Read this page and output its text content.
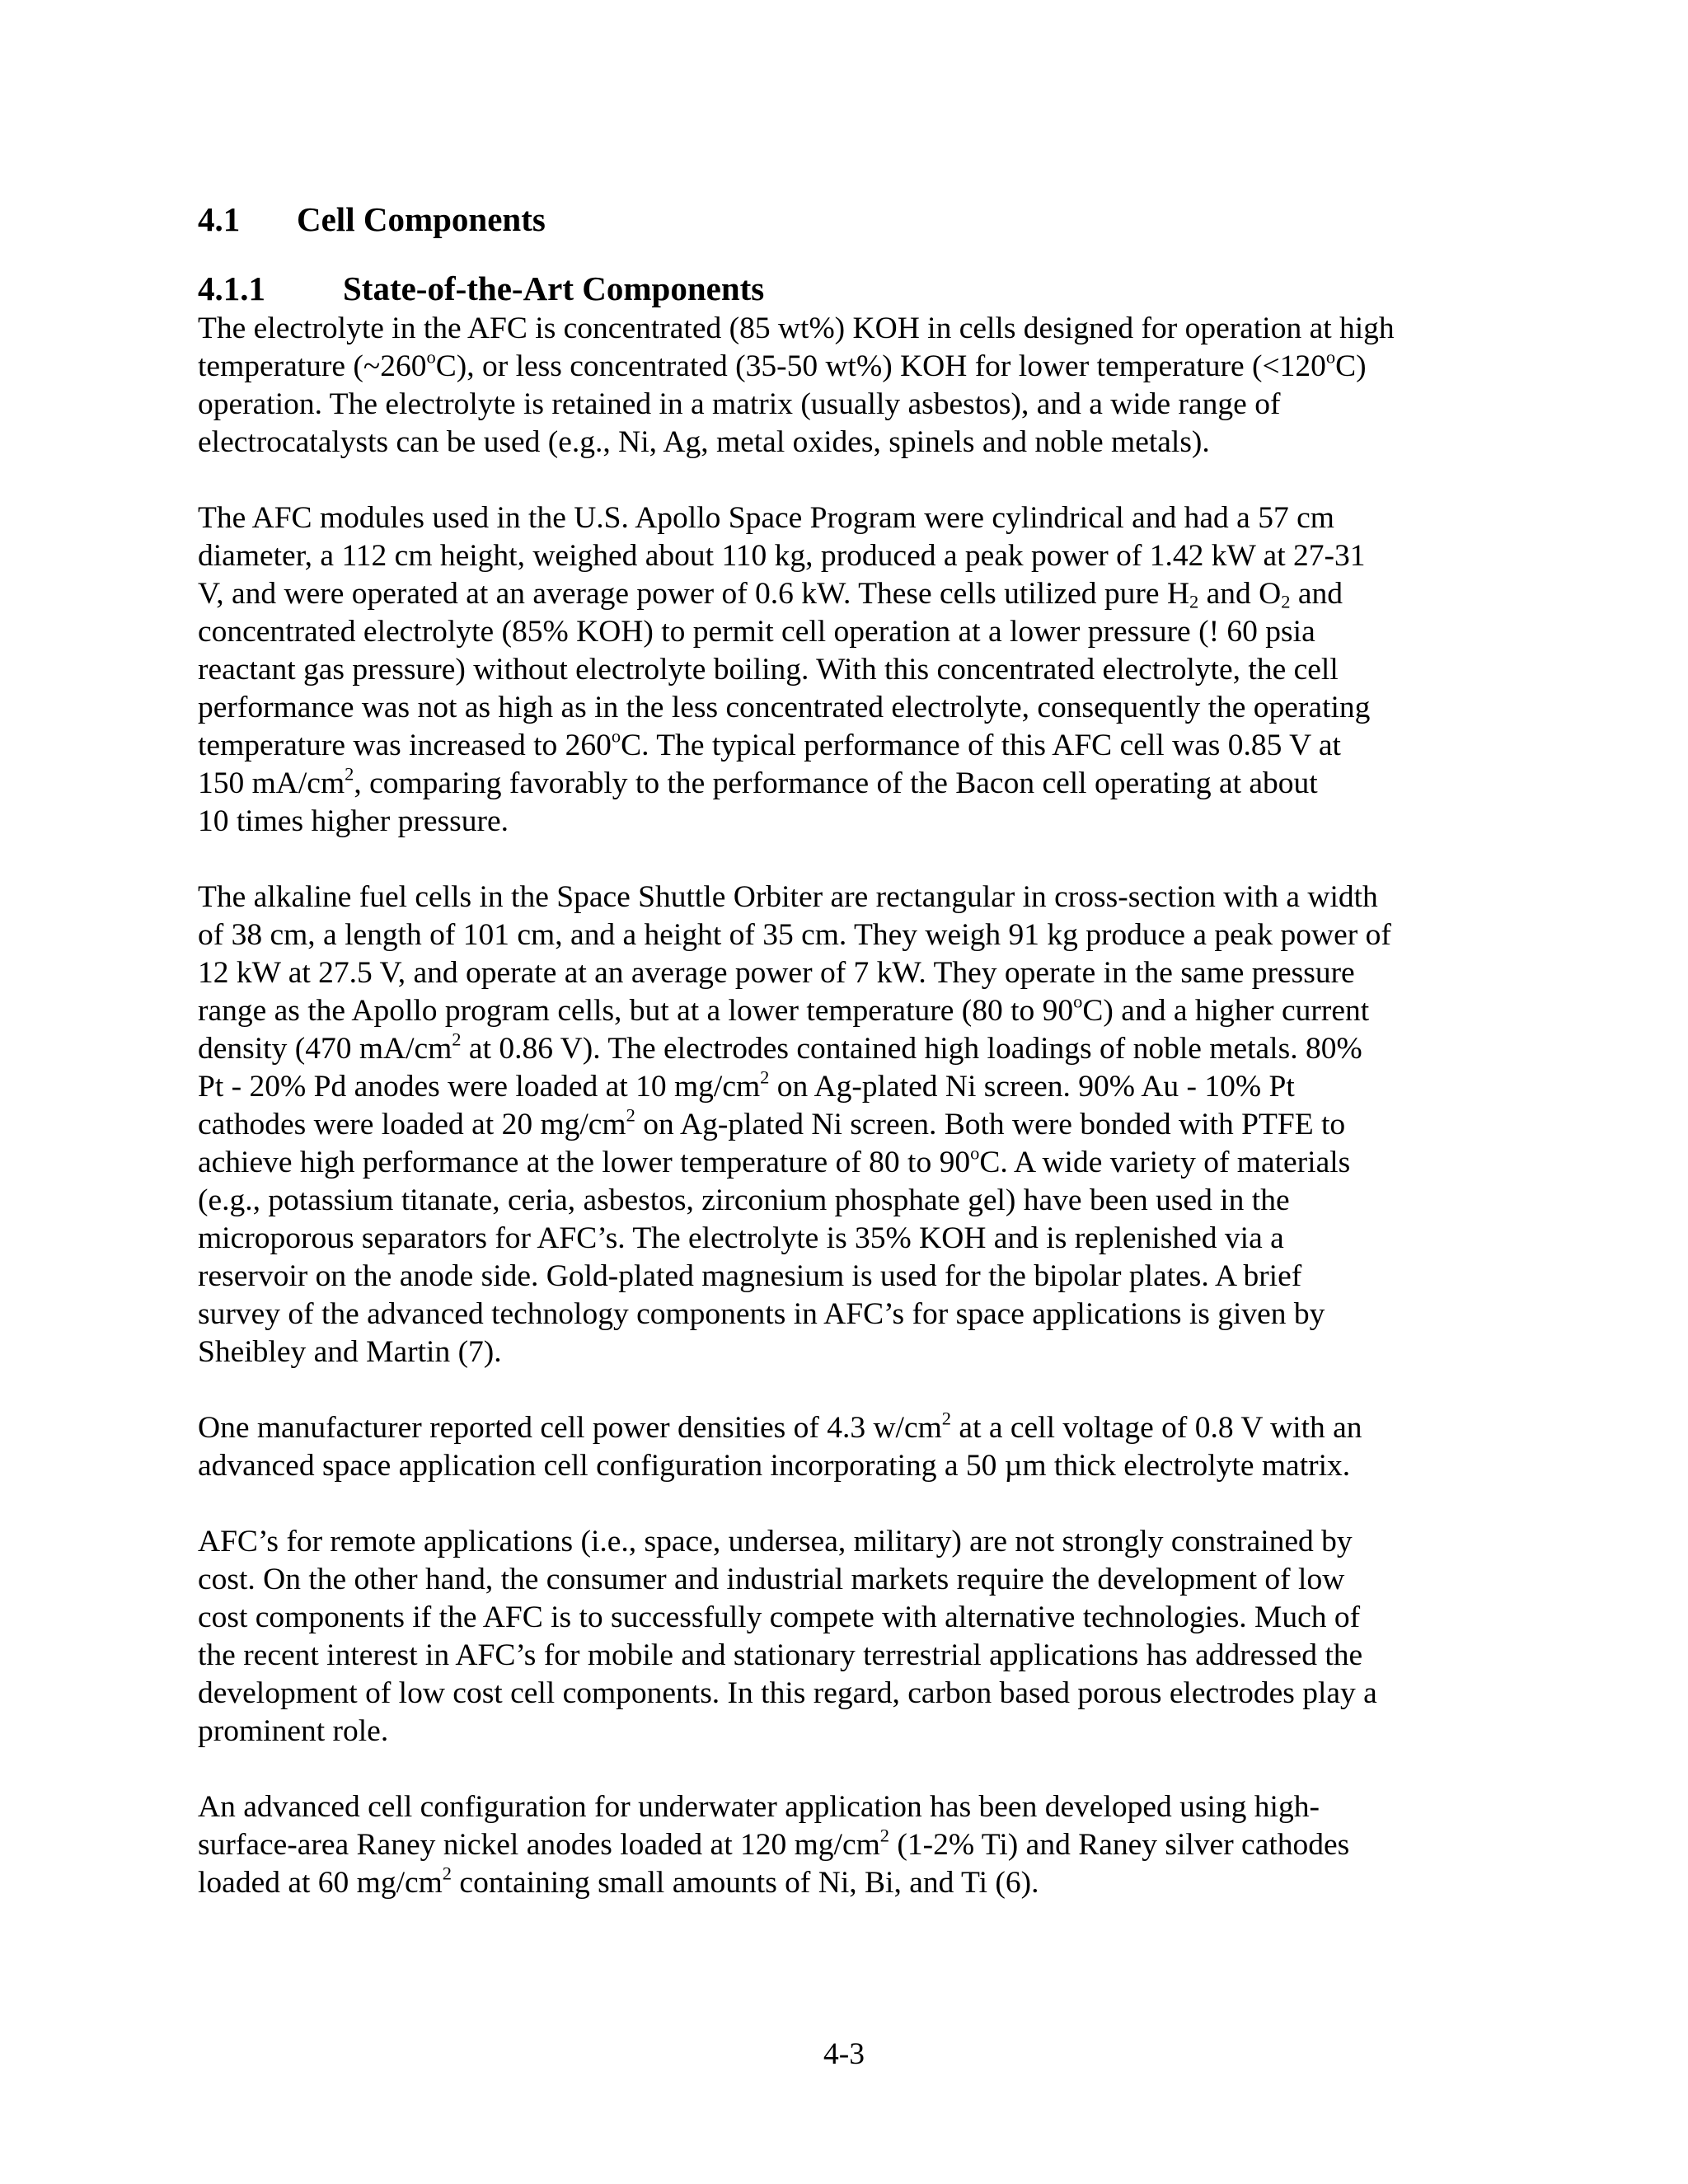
4.1 Cell Components
4.1.1 State-of-the-Art Components
The electrolyte in the AFC is concentrated (85 wt%) KOH in cells designed for operation at high
temperature (~260$^o$C), or less concentrated (35-50 wt%) KOH for lower temperature $(<120^oC)$
operation. The electrolyte is retained in a matrix (usually asbestos), and a wide range of
electrocatalysts can be used (e.g., Ni, Ag, metal oxides, spinels and noble metals).
The AFC modules used in the U.S. Apollo Space Program were cylindrical and had a 57 cm
diameter, a 112 cm height, weighed about 110 kg, produced a peak power of 1.42 kW at 27-31
V, and were operated at an average power of 0.6 kW. These cells utilized pure $H_2$ and $O_2$ and
concentrated electrolyte (85% KOH) to permit cell operation at a lower pressure (! 60 psia
reactant gas pressure) without electrolyte boiling. With this concentrated electrolyte, the cell
performance was not as high as in the less concentrated electrolyte, consequently the operating
temperature was increased to 260$^o$C. The typical performance of this AFC cell was 0.85 V at
150 $mA/cm^2$, comparing favorably to the performance of the Bacon cell operating at about
10 times higher pressure.
The alkaline fuel cells in the Space Shuttle Orbiter are rectangular in cross-section with a width
of 38 cm, a length of 101 cm, and a height of 35 cm. They weigh 91 kg produce a peak power of
12 kW at 27.5 V, and operate at an average power of 7 kW. They operate in the same pressure
range as the Apollo program cells, but at a lower temperature (80 to 90$^o$C) and a higher current
density (470 $mA/cm^2$ at 0.86 V). The electrodes contained high loadings of noble metals. 80%
Pt - 20% Pd anodes were loaded at 10 $mg/cm^2$ on Ag-plated Ni screen. 90% Au - 10% Pt
cathodes were loaded at 20 $mg/cm^2$ on Ag-plated Ni screen. Both were bonded with PTFE to
achieve high performance at the lower temperature of 80 to 90$^o$C. A wide variety of materials
(e.g., potassium titanate, ceria, asbestos, zirconium phosphate gel) have been used in the
microporous separators for AFC’s. The electrolyte is 35% KOH and is replenished via a
reservoir on the anode side. Gold-plated magnesium is used for the bipolar plates. A brief
survey of the advanced technology components in AFC’s for space applications is given by
Sheibley and Martin (7).
One manufacturer reported cell power densities of 4.3 $w/cm^2$ at a cell voltage of 0.8 V with an
advanced space application cell configuration incorporating a 50 µm thick electrolyte matrix.
AFC’s for remote applications (i.e., space, undersea, military) are not strongly constrained by
cost. On the other hand, the consumer and industrial markets require the development of low
cost components if the AFC is to successfully compete with alternative technologies. Much of
the recent interest in AFC’s for mobile and stationary terrestrial applications has addressed the
development of low cost cell components. In this regard, carbon based porous electrodes play a
prominent role.
An advanced cell configuration for underwater application has been developed using high-
surface-area Raney nickel anodes loaded at 120 $mg/cm^2$ (1-2% Ti) and Raney silver cathodes
loaded at 60 $mg/cm^2$ containing small amounts of Ni, Bi, and Ti (6).
4-3
